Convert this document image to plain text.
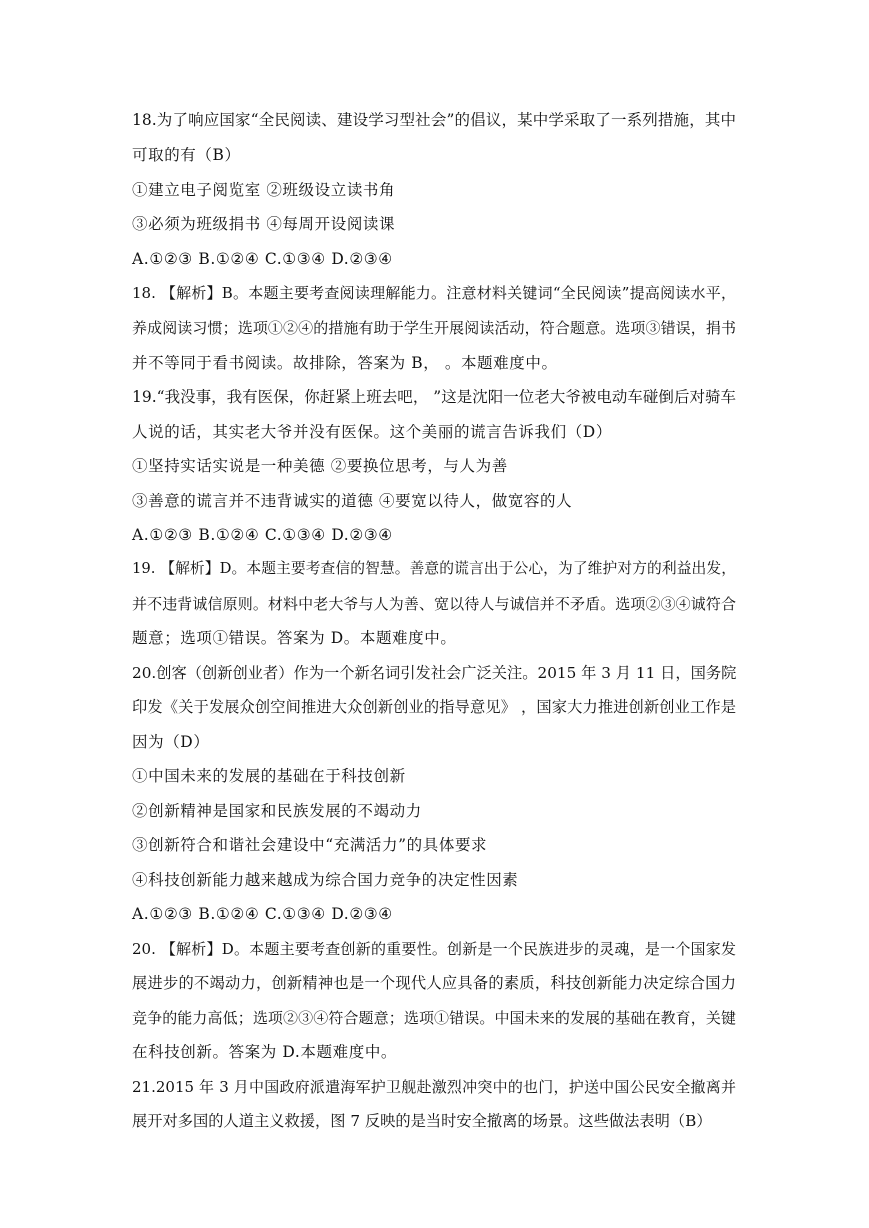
18.为了响应国家“全民阅读、建设学习型社会”的倡议，某中学采取了一系列措施，其中
可取的有（B）
①建立电子阅览室 ②班级设立读书角
③必须为班级捐书 ④每周开设阅读课
A.①②③ B.①②④ C.①③④ D.②③④
18. 【解析】B。本题主要考查阅读理解能力。注意材料关键词“全民阅读”提高阅读水平，
养成阅读习惯；选项①②④的措施有助于学生开展阅读活动，符合题意。选项③错误，捐书
并不等同于看书阅读。故排除，答案为 B， 。本题难度中。
19.“我没事，我有医保，你赶紧上班去吧， ”这是沈阳一位老大爷被电动车碰倒后对骑车
人说的话，其实老大爷并没有医保。这个美丽的谎言告诉我们（D）
①坚持实话实说是一种美德 ②要换位思考，与人为善
③善意的谎言并不违背诚实的道德 ④要宽以待人，做宽容的人
A.①②③ B.①②④ C.①③④ D.②③④
19. 【解析】D。本题主要考查信的智慧。善意的谎言出于公心，为了维护对方的利益出发，
并不违背诚信原则。材料中老大爷与人为善、宽以待人与诚信并不矛盾。选项②③④诚符合
题意；选项①错误。答案为 D。本题难度中。
20.创客（创新创业者）作为一个新名词引发社会广泛关注。2015 年 3 月 11 日，国务院
印发《关于发展众创空间推进大众创新创业的指导意见》 ，国家大力推进创新创业工作是
因为（D）
①中国未来的发展的基础在于科技创新
②创新精神是国家和民族发展的不竭动力
③创新符合和谐社会建设中“充满活力”的具体要求
④科技创新能力越来越成为综合国力竞争的决定性因素
A.①②③ B.①②④ C.①③④ D.②③④
20. 【解析】D。本题主要考查创新的重要性。创新是一个民族进步的灵魂，是一个国家发
展进步的不竭动力，创新精神也是一个现代人应具备的素质，科技创新能力决定综合国力
竞争的能力高低；选项②③④符合题意；选项①错误。中国未来的发展的基础在教育，关键
在科技创新。答案为 D.本题难度中。
21.2015 年 3 月中国政府派遣海军护卫舰赴激烈冲突中的也门，护送中国公民安全撤离并
展开对多国的人道主义救援，图 7 反映的是当时安全撤离的场景。这些做法表明（B）
